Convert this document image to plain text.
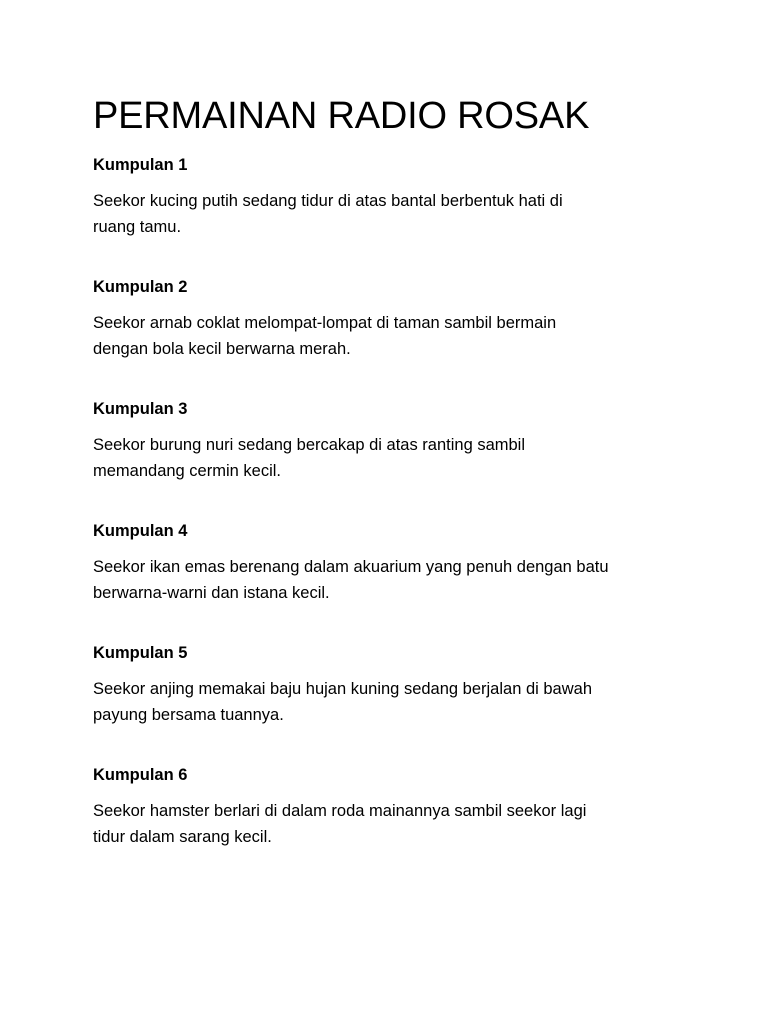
PERMAINAN RADIO ROSAK
Kumpulan 1
Seekor kucing putih sedang tidur di atas bantal berbentuk hati di
ruang tamu.
Kumpulan 2
Seekor arnab coklat melompat-lompat di taman sambil bermain
dengan bola kecil berwarna merah.
Kumpulan 3
Seekor burung nuri sedang bercakap di atas ranting sambil
memandang cermin kecil.
Kumpulan 4
Seekor ikan emas berenang dalam akuarium yang penuh dengan batu
berwarna-warni dan istana kecil.
Kumpulan 5
Seekor anjing memakai baju hujan kuning sedang berjalan di bawah
payung bersama tuannya.
Kumpulan 6
Seekor hamster berlari di dalam roda mainannya sambil seekor lagi
tidur dalam sarang kecil.
